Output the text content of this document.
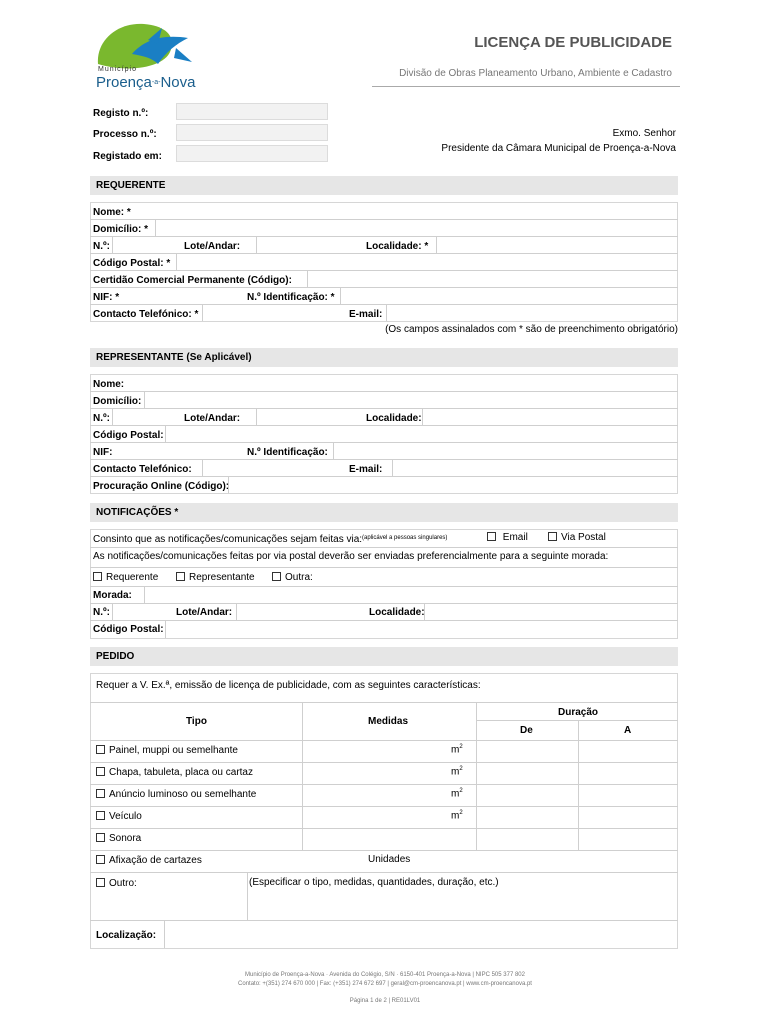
Município
Proença$^{-a-}$Nova
LICENÇA DE PUBLICIDADE
Divisão de Obras Planeamento Urbano, Ambiente e Cadastro
Registo n.º:
Processo n.º:
Registado em:
Exmo. Senhor
Presidente da Câmara Municipal de Proença-a-Nova
REQUERENTE
Nome: *
Domicílio: *
N.º:	Lote/Andar:	Localidade: *
Código Postal: *
Certidão Comercial Permanente (Código):
NIF: *	N.º Identificação: *
Contacto Telefónico: *	E-mail:
(Os campos assinalados com * são de preenchimento obrigatório)
REPRESENTANTE (Se Aplicável)
Nome:
Domicílio:
N.º:	Lote/Andar:	Localidade:
Código Postal:
NIF:	N.º Identificação:
Contacto Telefónico:	E-mail:
Procuração Online (Código):
NOTIFICAÇÕES *
Consinto que as notificações/comunicações sejam feitas via:$^{(aplicável a pessoas singulares)}$	Email	Via Postal
As notificações/comunicações feitas por via postal deverão ser enviadas preferencialmente para a seguinte morada:
Requerente	Representante	Outra:
Morada:
N.º:	Lote/Andar:	Localidade:
Código Postal:
PEDIDO
Requer a V. Ex.ª, emissão de licença de publicidade, com as seguintes características:
Tipo	Medidas
Duração
De	A
Painel, muppi ou semelhante	$m^2$
Chapa, tabuleta, placa ou cartaz	$m^2$
Anúncio luminoso ou semelhante	$m^2$
Veículo	$m^2$
Sonora
Afixação de cartazes	Unidades
Outro:	(Especificar o tipo, medidas, quantidades, duração, etc.)
Localização:
Município de Proença-a-Nova · Avenida do Colégio, S/N · 6150-401 Proença-a-Nova | NIPC 505 377 802
Contato: +(351) 274 670 000 | Fax: (+351) 274 672 697 | geral@cm-proencanova.pt | www.cm-proencanova.pt
Página 1 de 2 | RE01LV01
